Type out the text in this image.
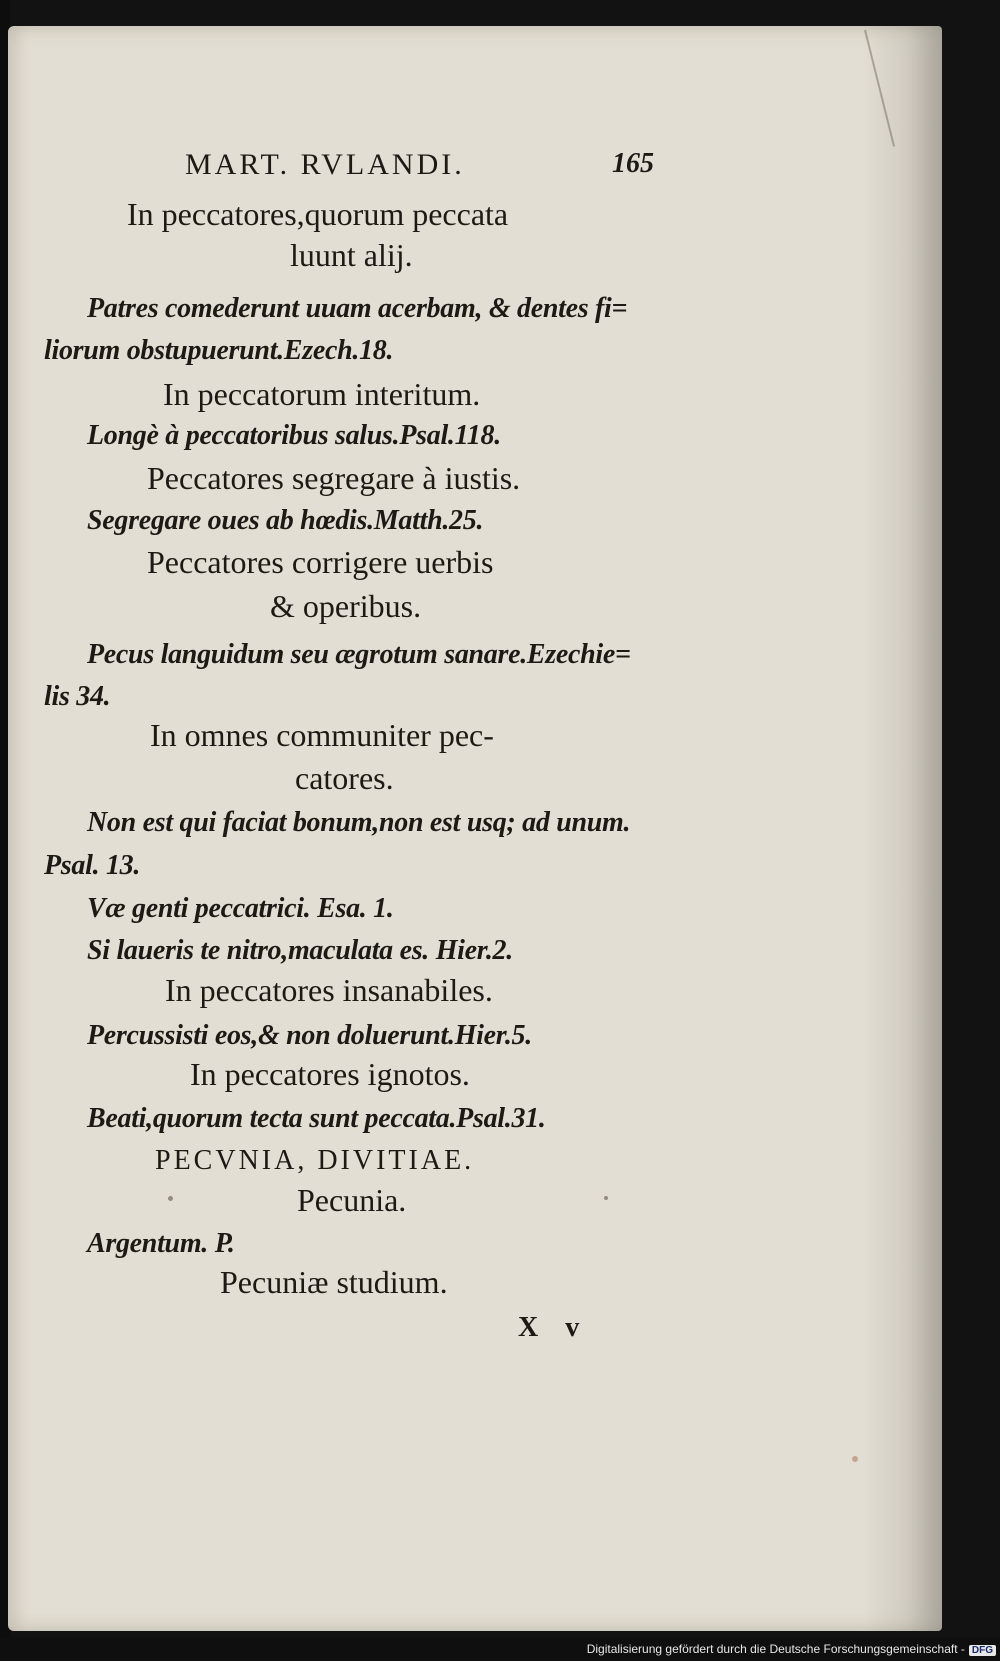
MART. RVLANDI.	165
In peccatores,quorum peccata
luunt alij.
Patres comederunt uuam acerbam, & dentes fi=
liorum obstupuerunt.Ezech.18.
In peccatorum interitum.
Longè à peccatoribus salus.Psal.118.
Peccatores segregare à iustis.
Segregare oues ab hœdis.Matth.25.
Peccatores corrigere uerbis
& operibus.
Pecus languidum seu ægrotum sanare.Ezechie=
lis 34.
In omnes communiter pec-
catores.
Non est qui faciat bonum,non est usq; ad unum.
Psal. 13.
Væ genti peccatrici. Esa. 1.
Si laueris te nitro,maculata es. Hier.2.
In peccatores insanabiles.
Percussisti eos,& non doluerunt.Hier.5.
In peccatores ignotos.
Beati,quorum tecta sunt peccata.Psal.31.
PECVNIA, DIVITIAE.
Pecunia.
Argentum. P.
Pecuniæ studium.
X v
Digitalisierung gefördert durch die Deutsche Forschungsgemeinschaft - DFG
